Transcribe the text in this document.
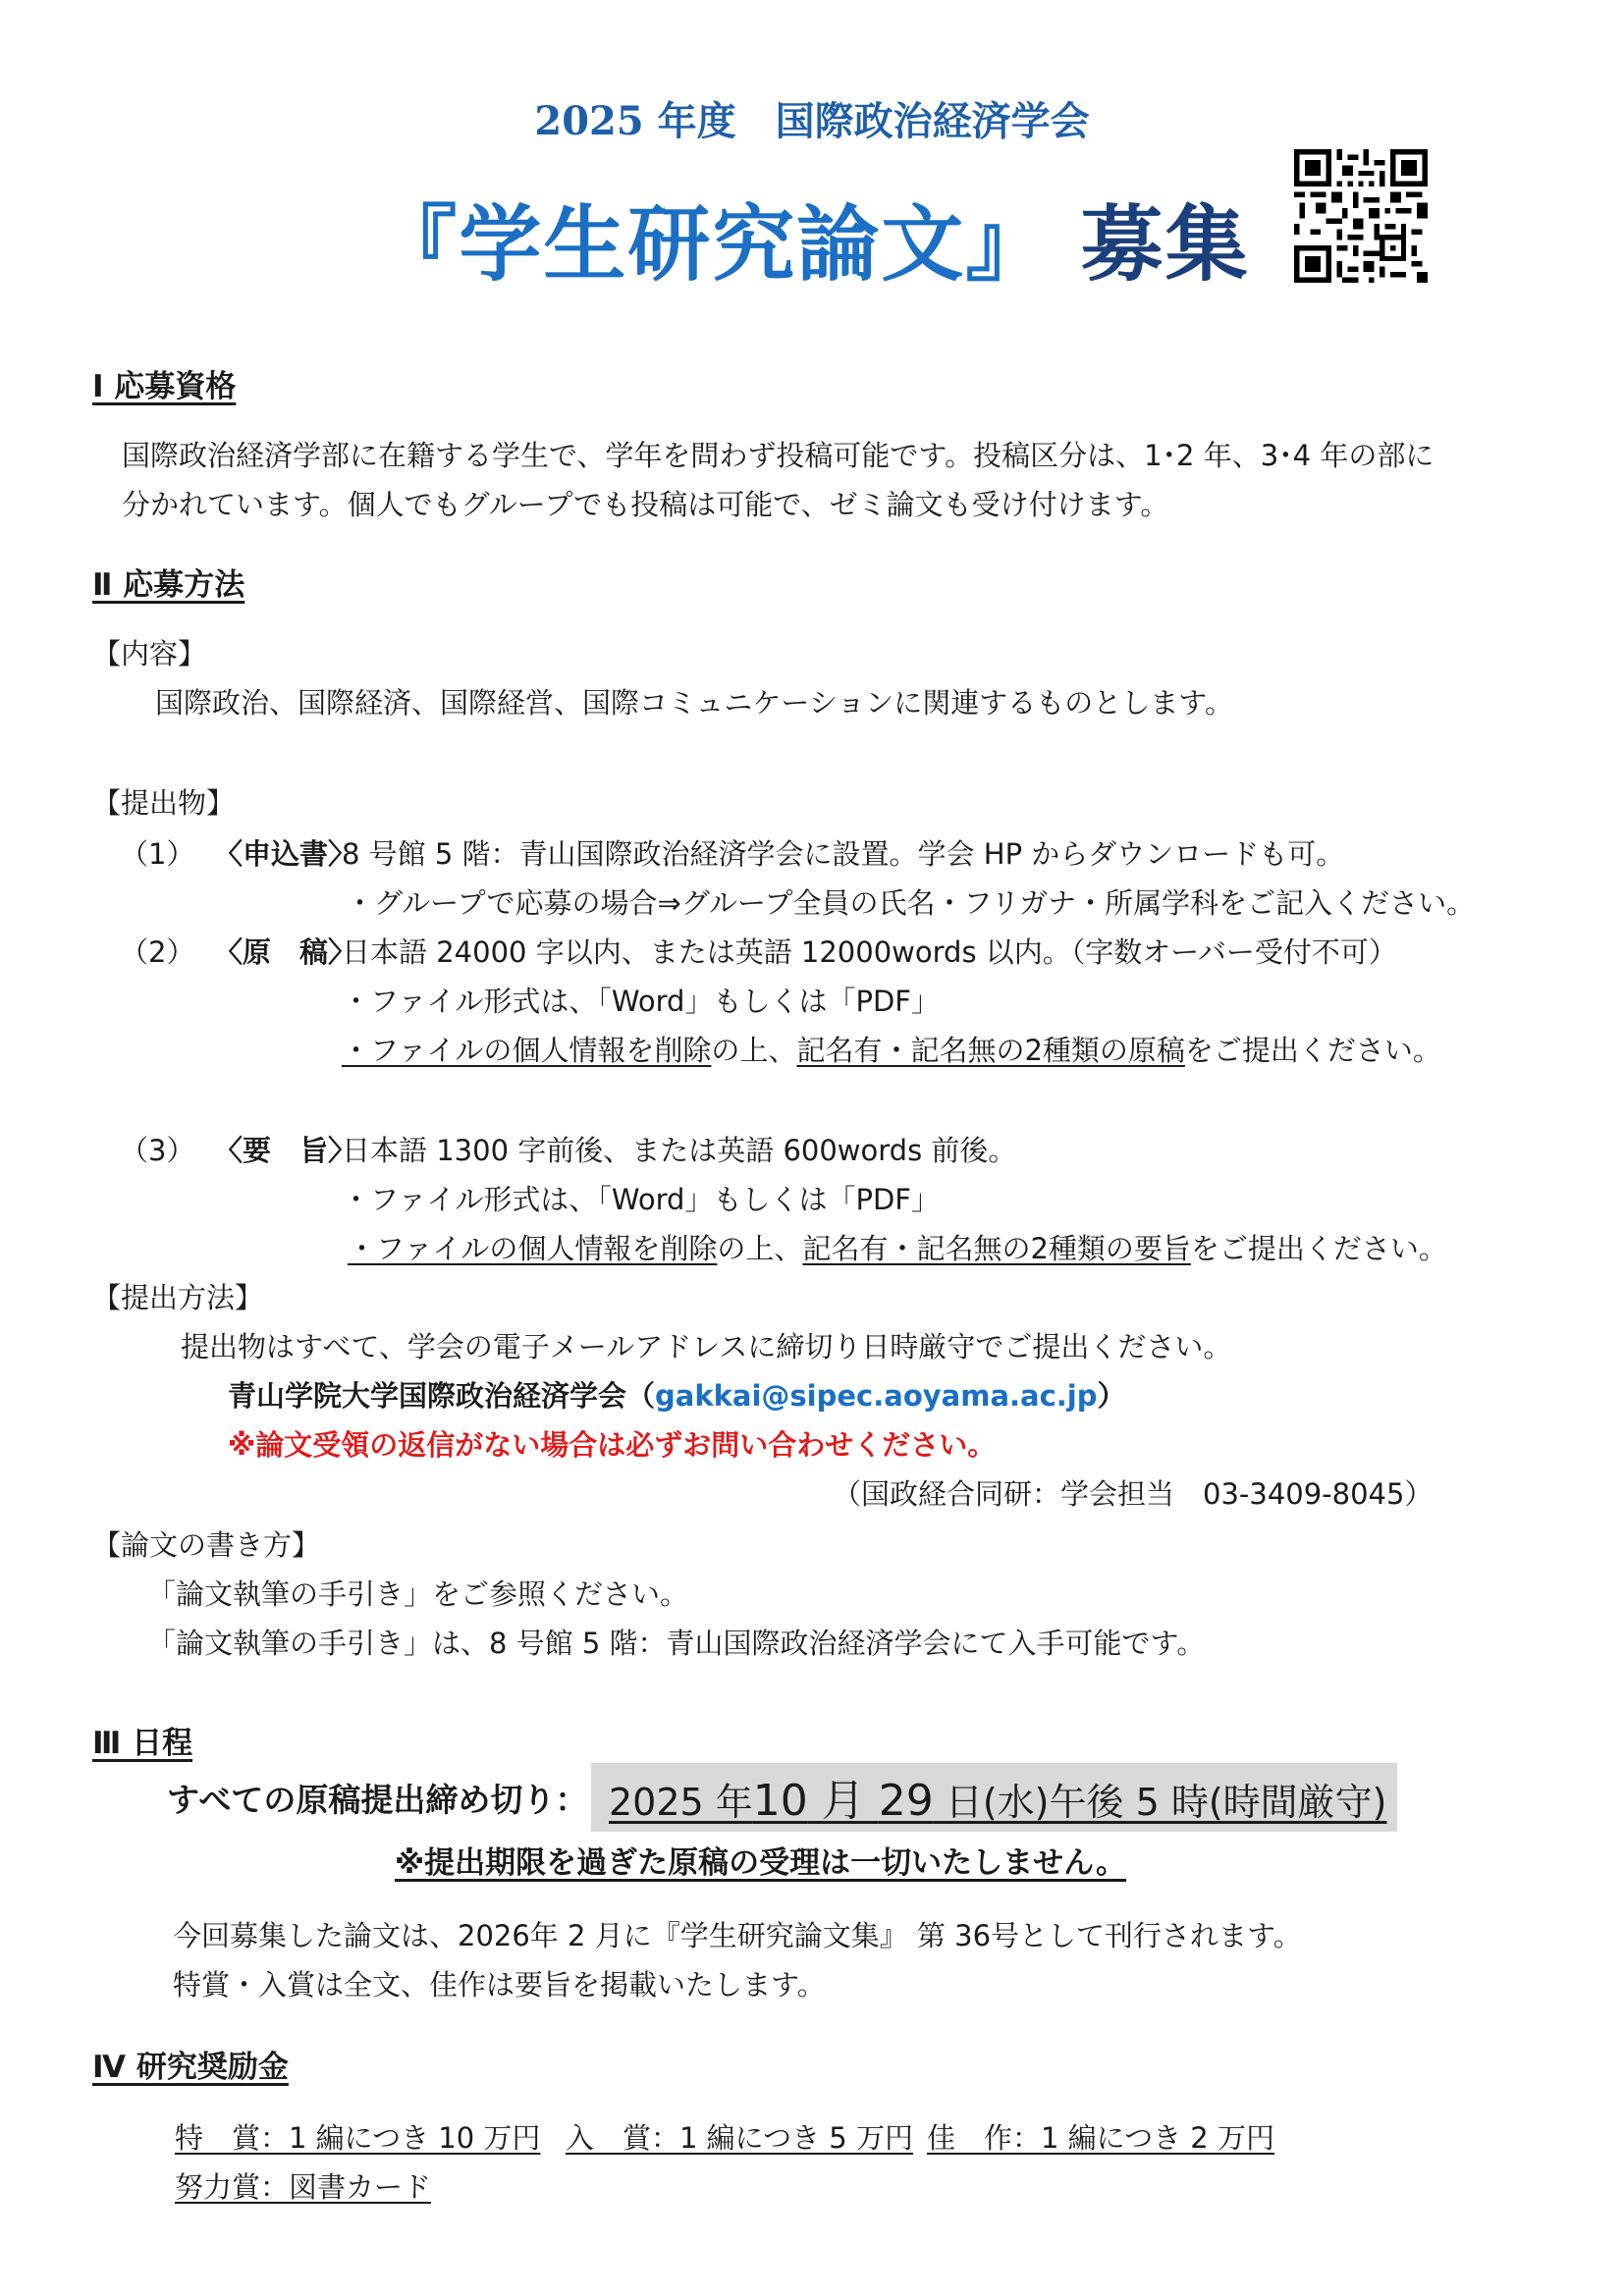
2025 年度　国際政治経済学会
『学生研究論文』 募集
Ⅰ 応募資格
国際政治経済学部に在籍する学生で、学年を問わず投稿可能です。投稿区分は、1･2 年、3･4 年の部に
分かれています。個人でもグループでも投稿は可能で、ゼミ論文も受け付けます。
Ⅱ 応募方法
【内容】
国際政治、国際経済、国際経営、国際コミュニケーションに関連するものとします。
【提出物】
（1） 〈申込書〉
8 号館 5 階：青山国際政治経済学会に設置。学会 HP からダウンロードも可。
・グループで応募の場合⇒グループ全員の氏名・フリガナ・所属学科をご記入ください。
（2） 〈原　稿〉
日本語 24000 字以内、または英語 12000words 以内。（字数オーバー受付不可）
・ファイル形式は、「Word」もしくは「PDF」
・ファイルの個人情報を削除の上、記名有・記名無の2種類の原稿をご提出ください。
（3） 〈要　旨〉
日本語 1300 字前後、または英語 600words 前後。
・ファイル形式は、「Word」もしくは「PDF」
・ファイルの個人情報を削除の上、記名有・記名無の2種類の要旨をご提出ください。
【提出方法】
提出物はすべて、学会の電子メールアドレスに締切り日時厳守でご提出ください。
青山学院大学国際政治経済学会（gakkai@sipec.aoyama.ac.jp）
※論文受領の返信がない場合は必ずお問い合わせください。
（国政経合同研：学会担当　03-3409-8045）
【論文の書き方】
「論文執筆の手引き」をご参照ください。
「論文執筆の手引き」は、8 号館 5 階：青山国際政治経済学会にて入手可能です。
Ⅲ 日程
すべての原稿提出締め切り： 2025 年10 月 29 日(水)午後 5 時(時間厳守)
※提出期限を過ぎた原稿の受理は一切いたしません。
今回募集した論文は、2026年 2 月に『学生研究論文集』 第 36号として刊行されます。
特賞・入賞は全文、佳作は要旨を掲載いたします。
Ⅳ 研究奨励金
特　賞：1 編につき 10 万円 入　賞：1 編につき 5 万円 佳　作：1 編につき 2 万円
努力賞：図書カード
